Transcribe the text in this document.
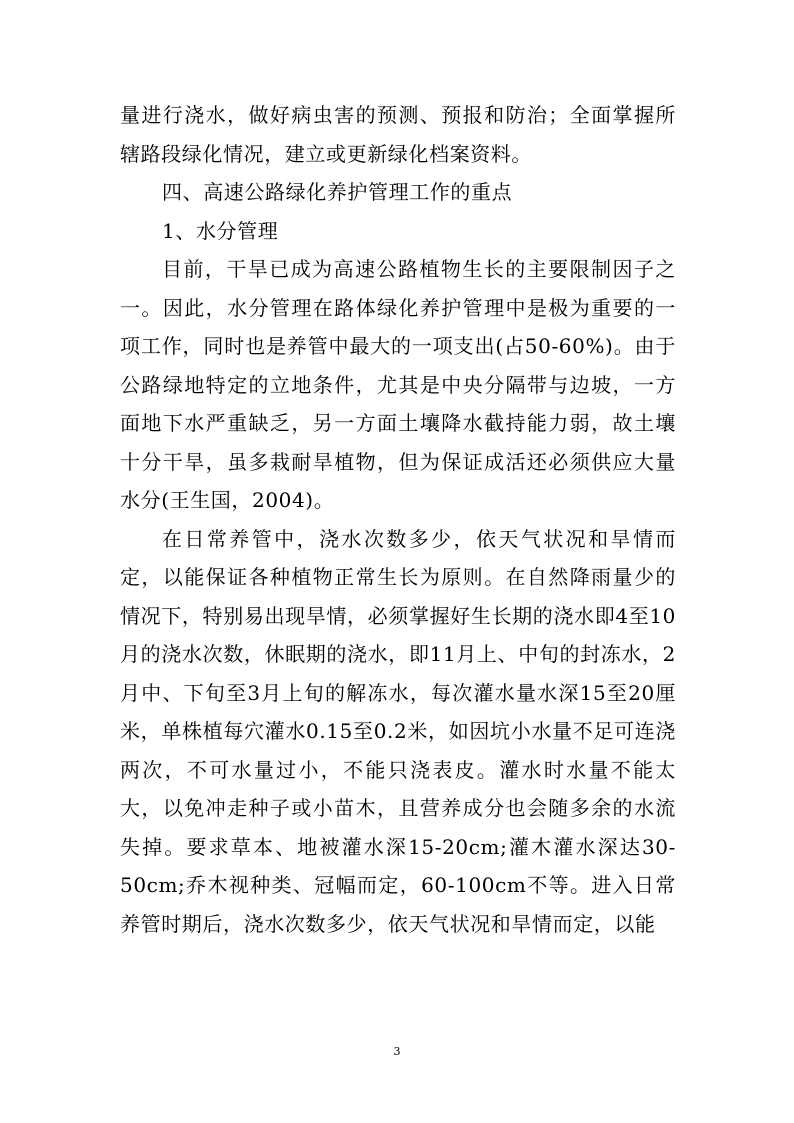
量进行浇水，做好病虫害的预测、预报和防治；全面掌握所辖路段绿化情况，建立或更新绿化档案资料。

四、高速公路绿化养护管理工作的重点

1、水分管理

目前，干旱已成为高速公路植物生长的主要限制因子之一。因此，水分管理在路体绿化养护管理中是极为重要的一项工作，同时也是养管中最大的一项支出(占50-60%)。由于公路绿地特定的立地条件，尤其是中央分隔带与边坡，一方面地下水严重缺乏，另一方面土壤降水截持能力弱，故土壤十分干旱，虽多栽耐旱植物，但为保证成活还必须供应大量水分(王生国，2004)。

在日常养管中，浇水次数多少，依天气状况和旱情而定，以能保证各种植物正常生长为原则。在自然降雨量少的情况下，特别易出现旱情，必须掌握好生长期的浇水即4至10月的浇水次数，休眠期的浇水，即11月上、中旬的封冻水，2月中、下旬至3月上旬的解冻水，每次灌水量水深15至20厘米，单株植每穴灌水0.15至0.2米，如因坑小水量不足可连浇两次，不可水量过小，不能只浇表皮。灌水时水量不能太大，以免冲走种子或小苗木，且营养成分也会随多余的水流失掉。要求草本、地被灌水深15-20cm;灌木灌水深达30-50cm;乔木视种类、冠幅而定，60-100cm不等。进入日常养管时期后，浇水次数多少，依天气状况和旱情而定，以能

3
